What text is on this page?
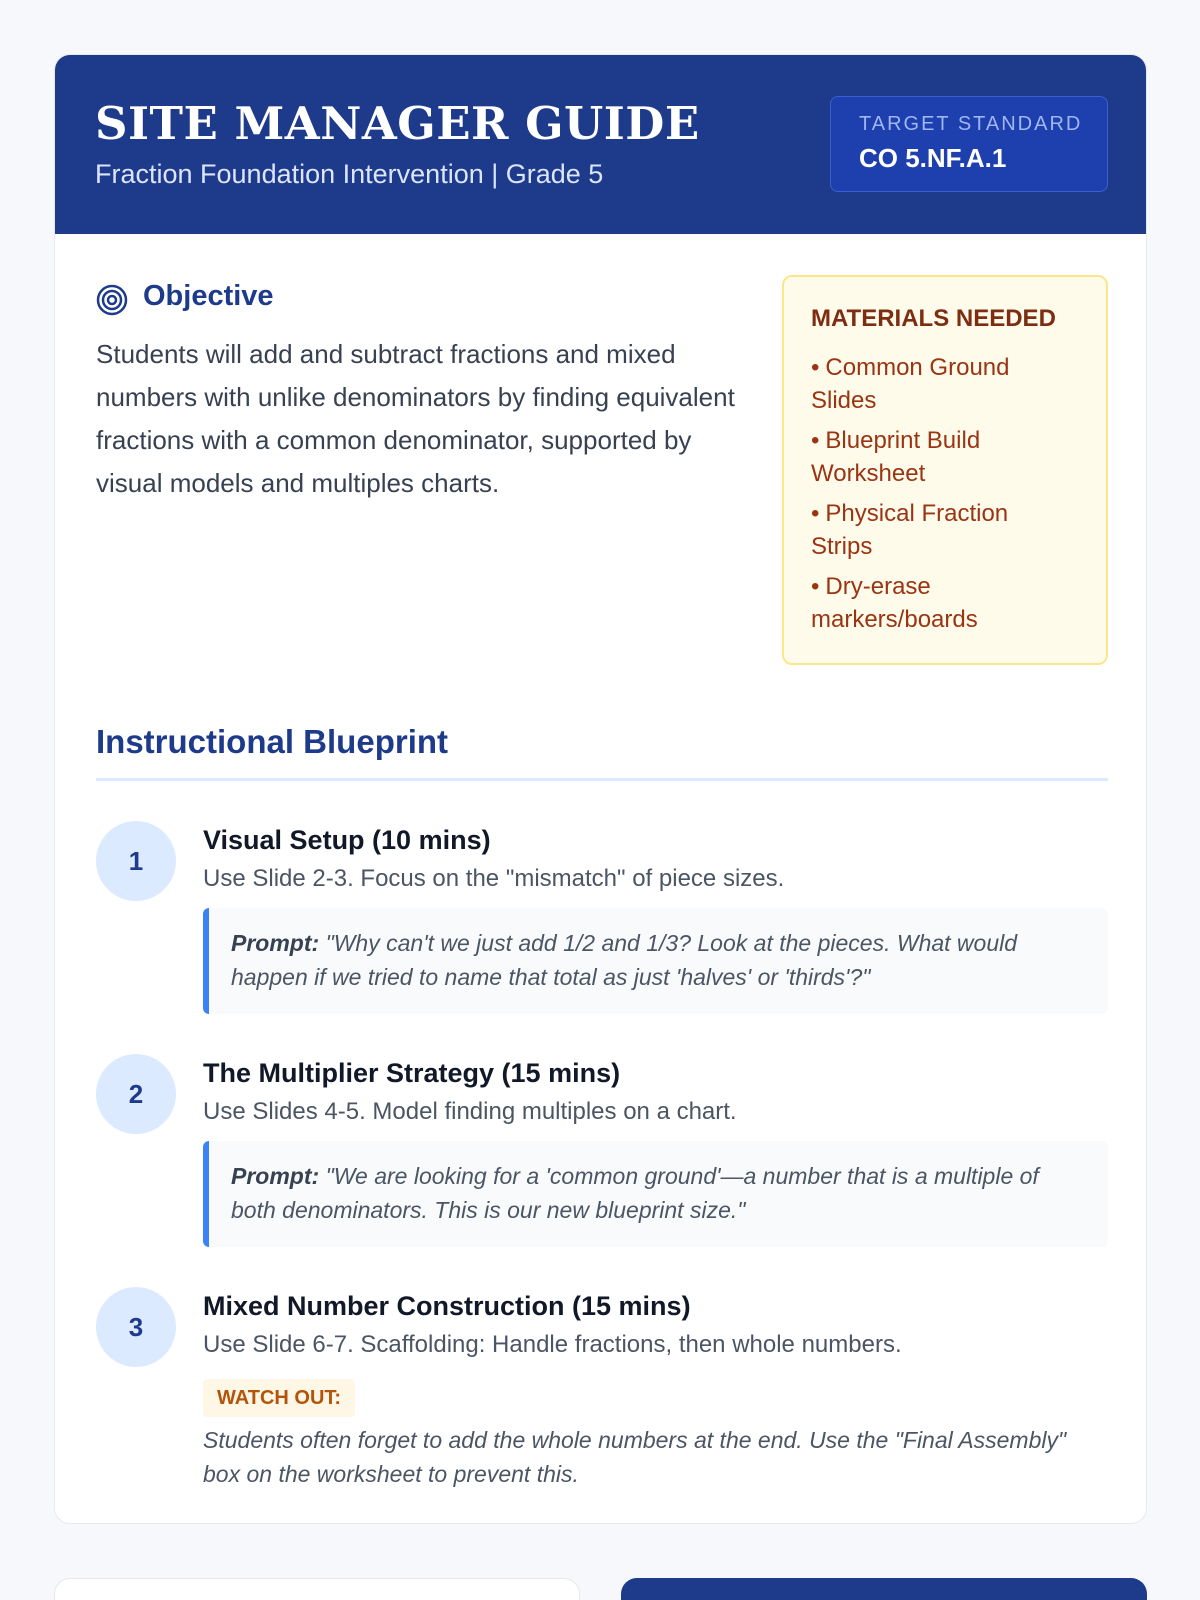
SITE MANAGER GUIDE
Fraction Foundation Intervention | Grade 5
TARGET STANDARD
CO 5.NF.A.1
Objective
Students will add and subtract fractions and mixed numbers with unlike denominators by finding equivalent fractions with a common denominator, supported by visual models and multiples charts.
MATERIALS NEEDED
• Common Ground Slides
• Blueprint Build Worksheet
• Physical Fraction Strips
• Dry-erase markers/boards
Instructional Blueprint
1
Visual Setup (10 mins)
Use Slide 2-3. Focus on the "mismatch" of piece sizes.
Prompt: "Why can't we just add 1/2 and 1/3? Look at the pieces. What would happen if we tried to name that total as just 'halves' or 'thirds'?"
2
The Multiplier Strategy (15 mins)
Use Slides 4-5. Model finding multiples on a chart.
Prompt: "We are looking for a 'common ground'—a number that is a multiple of both denominators. This is our new blueprint size."
3
Mixed Number Construction (15 mins)
Use Slide 6-7. Scaffolding: Handle fractions, then whole numbers.
WATCH OUT:
Students often forget to add the whole numbers at the end. Use the "Final Assembly" box on the worksheet to prevent this.
